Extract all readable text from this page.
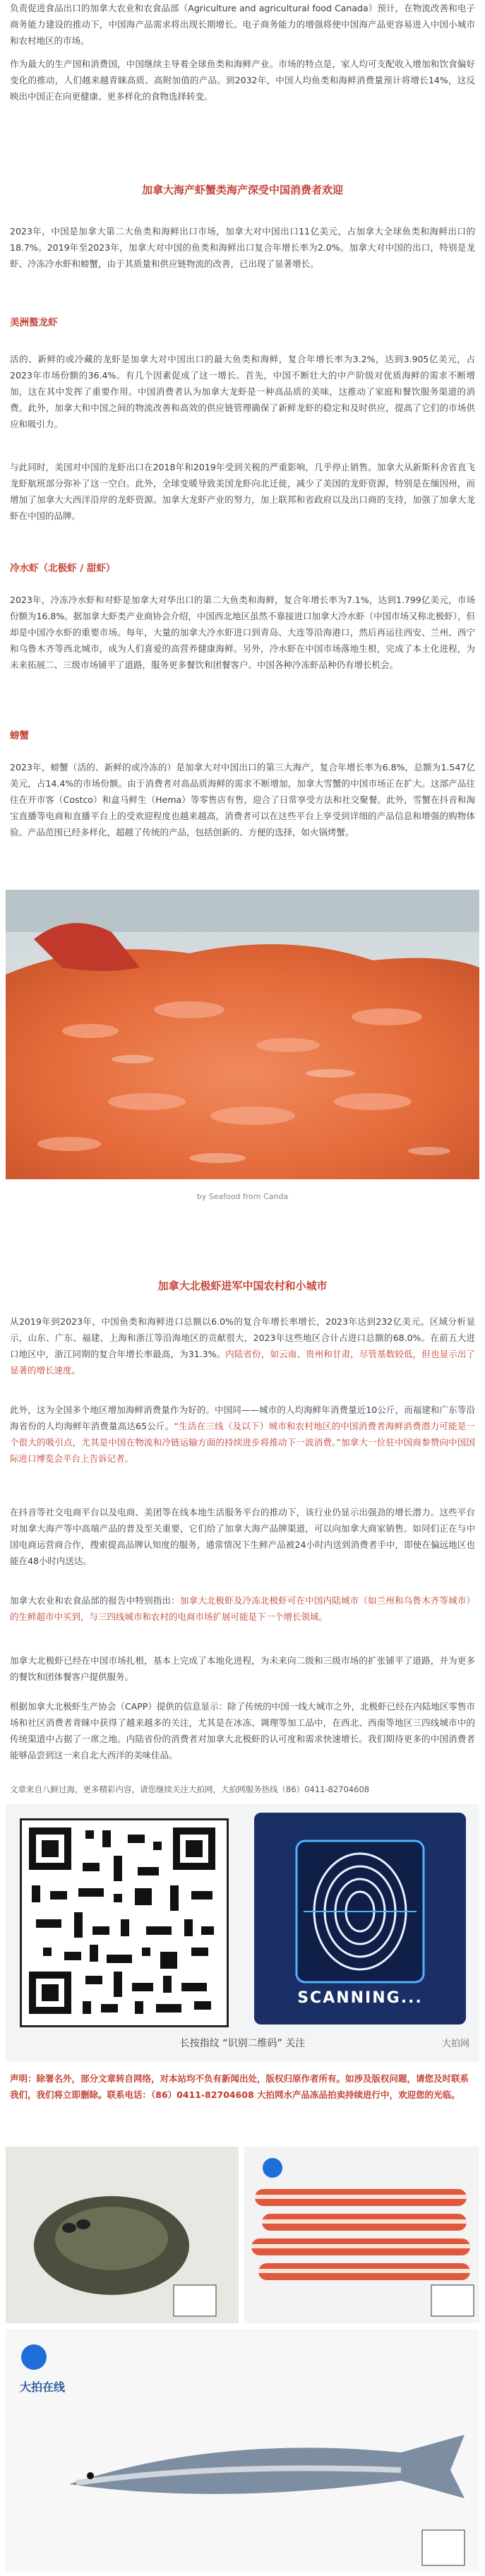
负责促进食品出口的加拿大农业和农食品部（Agriculture and agricultural food Canada）预计，在物流改善和电子商务能力建设的推动下，中国海产品需求将出现长期增长。电子商务能力的增强将使中国海产品更容易进入中国小城市和农村地区的市场。

作为最大的生产国和消费国，中国继续主导着全球鱼类和海鲜产业。市场的特点是，家人均可支配收入增加和饮食偏好变化的推动，人们越来越青睐高质、高附加值的产品。到2032年，中国人均鱼类和海鲜消费量预计将增长14%，这反映出中国正在向更健康、更多样化的食物选择转变。

加拿大海产虾蟹类海产深受中国消费者欢迎

2023年，中国是加拿大第二大鱼类和海鲜出口市场，加拿大对中国出口11亿美元，占加拿大全球鱼类和海鲜出口的18.7%。2019年至2023年，加拿大对中国的鱼类和海鲜出口复合年增长率为2.0%。加拿大对中国的出口，特别是龙虾、冷冻冷水虾和螃蟹，由于其质量和供应链物流的改善，已出现了显著增长。

美洲螯龙虾

活的、新鲜的或冷藏的龙虾是加拿大对中国出口的最大鱼类和海鲜，复合年增长率为3.2%，达到3.905亿美元，占2023年市场份额的36.4%。有几个因素促成了这一增长。首先，中国不断壮大的中产阶级对优质海鲜的需求不断增加，这在其中发挥了重要作用。中国消费者认为加拿大龙虾是一种高品质的美味，这推动了家庭和餐饮服务渠道的消费。此外，加拿大和中国之间的物流改善和高效的供应链管理确保了新鲜龙虾的稳定和及时供应，提高了它们的市场供应和吸引力。

与此同时，美国对中国的龙虾出口在2018年和2019年受到关税的严重影响，几乎停止销售。加拿大从新斯科舍省直飞龙虾航班部分弥补了这一空白。此外，全球变暖导致美国龙虾向北迁徙，减少了美国的龙虾资源，特别是在缅因州，而增加了加拿大大西洋沿岸的龙虾资源。加拿大龙虾产业的努力，加上联邦和省政府以及出口商的支持，加强了加拿大龙虾在中国的品牌。

冷水虾（北极虾 / 甜虾）

2023年，冷冻冷水虾和对虾是加拿大对华出口的第二大鱼类和海鲜，复合年增长率为7.1%，达到1.799亿美元，市场份额为16.8%。据加拿大虾类产业商协会介绍，中国西北地区虽然不靠接进口加拿大冷水虾（中国市场又称北极虾），但却是中国冷水虾的重要市场。每年，大量的加拿大冷水虾进口到青岛、大连等沿海港口，然后再运往西安、兰州、西宁和乌鲁木齐等西北城市，成为人们喜爱的高营养健康海鲜。另外，冷水虾在中国市场落地生根，完成了本土化进程，为未来拓展二、三级市场铺平了道路，服务更多餐饮和团餐客户。中国各种冷冻虾品种仍有增长机会。

螃蟹

2023年，螃蟹（活的、新鲜的或冷冻的）是加拿大对中国出口的第三大海产，复合年增长率为6.8%，总额为1.547亿美元，占14.4%的市场份额。由于消费者对高品质海鲜的需求不断增加，加拿大雪蟹的中国市场正在扩大。这部产品往往在开市客（Costco）和盒马鲜生（Hema）等零售店有售，迎合了日常享受方法和社交聚餐。此外，雪蟹在抖音和淘宝直播等电商和直播平台上的受欢迎程度也越来越高，消费者可以在这些平台上享受到详细的产品信息和增强的购物体验。产品范围已经多样化，超越了传统的产品，包括创新的、方便的选择，如火锅烤蟹。

by Seafood from Canda

加拿大北极虾进军中国农村和小城市

从2019年到2023年，中国鱼类和海鲜进口总额以6.0%的复合年增长率增长，2023年达到232亿美元。区域分析显示，山东、广东、福建、上海和浙江等沿海地区的贡献很大，2023年这些地区合计占进口总额的68.0%。在前五大进口地区中，浙江同期的复合年增长率最高，为31.3%。内陆省份，如云南、贵州和甘肃，尽管基数较低，但也显示出了显著的增长速度。

此外，这为全国多个地区增加海鲜消费量作为好的。中国同——城市的人均海鲜年消费量近10公斤，而福建和广东等沿海省份的人均海鲜年消费量高达65公斤。“生活在三线（及以下）城市和农村地区的中国消费者海鲜消费潜力可能是一个很大的吸引点，尤其是中国在物流和冷链运输方面的持续进步将推动下一波消费。”加拿大一位驻中国商参赞向中国国际进口博览会平台上告诉记者。

在抖音等社交电商平台以及电商、美团等在线本地生活服务平台的推动下，该行业仍显示出强劲的增长潜力。这些平台对加拿大海产等中高端产品的普及至关重要，它们给了加拿大海产品牌渠道，可以向加拿大商家销售。如同们正在与中国电商运营商合作，搜索提高品牌认知度的服务，通常情况下生鲜产品被24小时内送到消费者手中，即使在偏远地区也能在48小时内送达。

加拿大农业和农食品部的报告中特别指出：加拿大北极虾及冷冻北极虾可在中国内陆城市（如兰州和乌鲁木齐等城市）的生鲜超市中买到，与三四线城市和农村的电商市场扩展可能是下一个增长领域。

加拿大北极虾已经在中国市场扎根，基本上完成了本地化进程，为未来向二级和三级市场的扩张铺平了道路，并为更多的餐饮和团体餐客户提供服务。

根据加拿大北极虾生产协会（CAPP）提供的信息显示：除了传统的中国一线大城市之外，北极虾已经在内陆地区零售市场和社区消费者青睐中获得了越来越多的关注，尤其是在冰冻、调理等加工品中，在西北、西南等地区三四线城市中的传统渠道中占据了一席之地。内陆省份的消费者对加拿大北极虾的认可度和需求快速增长。我们期待更多的中国消费者能够品尝到这一来自北大西洋的美味佳品。

文章来自八鲜过海，更多精彩内容，请您继续关注大拍网，大拍网服务热线（86）0411-82704608

SCANNING...
长按指纹 “识别二维码” 关注	大拍网

声明：除署名外，部分文章转自网络，对本站均不负有新闻出处，版权归原作者所有。如涉及版权问题，请您及时联系我们，我们将立即删除。联系电话：（86）0411-82704608 大拍网水产品冻品拍卖持续进行中，欢迎您的光临。

大拍在线
